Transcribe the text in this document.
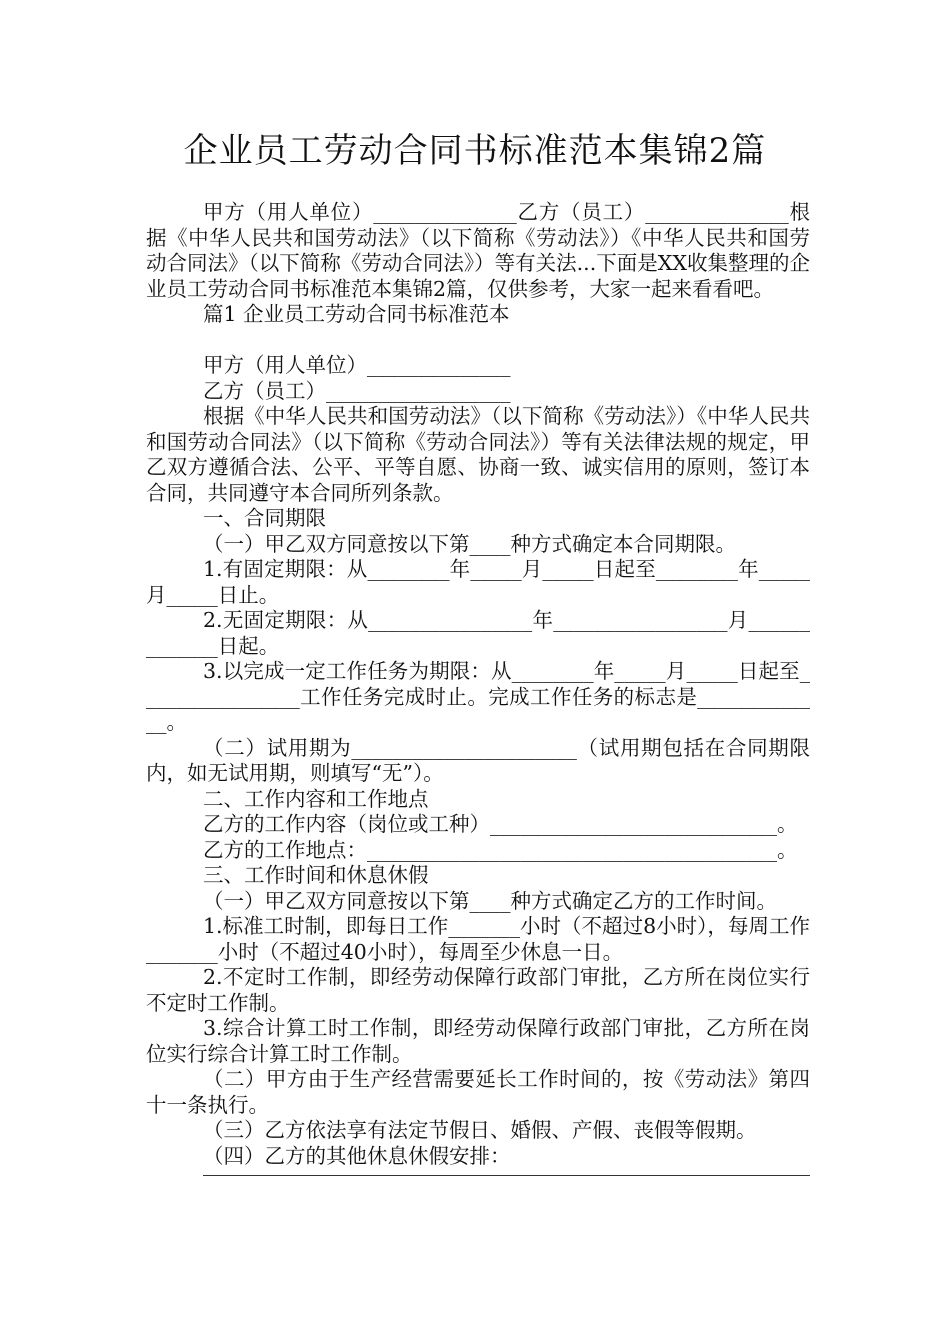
企业员工劳动合同书标准范本集锦2篇

甲方（用人单位）______________乙方（员工）______________根据《中华人民共和国劳动法》（以下简称《劳动法》）《中华人民共和国劳动合同法》（以下简称《劳动合同法》）等有关法...下面是XX收集整理的企业员工劳动合同书标准范本集锦2篇，仅供参考，大家一起来看看吧。

篇1 企业员工劳动合同书标准范本

甲方（用人单位）______________

乙方（员工）__________________

根据《中华人民共和国劳动法》（以下简称《劳动法》）《中华人民共和国劳动合同法》（以下简称《劳动合同法》）等有关法律法规的规定，甲乙双方遵循合法、公平、平等自愿、协商一致、诚实信用的原则，签订本合同，共同遵守本合同所列条款。

一、合同期限

（一）甲乙双方同意按以下第____种方式确定本合同期限。

1.有固定期限：从________年_____月_____日起至________年_____月_____日止。

2.无固定期限：从________________年_________________月_____________日起。

3.以完成一定工作任务为期限：从________年_____月_____日起至________________工作任务完成时止。完成工作任务的标志是_____________。

（二）试用期为______________________（试用期包括在合同期限内，如无试用期，则填写“无”）。

二、工作内容和工作地点

乙方的工作内容（岗位或工种）____________________________。

乙方的工作地点：________________________________________。

三、工作时间和休息休假

（一）甲乙双方同意按以下第____种方式确定乙方的工作时间。

1.标准工时制，即每日工作_______小时（不超过8小时），每周工作_______小时（不超过40小时），每周至少休息一日。

2.不定时工作制，即经劳动保障行政部门审批，乙方所在岗位实行不定时工作制。

3.综合计算工时工作制，即经劳动保障行政部门审批，乙方所在岗位实行综合计算工时工作制。

（二）甲方由于生产经营需要延长工作时间的，按《劳动法》第四十一条执行。

（三）乙方依法享有法定节假日、婚假、产假、丧假等假期。

（四）乙方的其他休息休假安排：
